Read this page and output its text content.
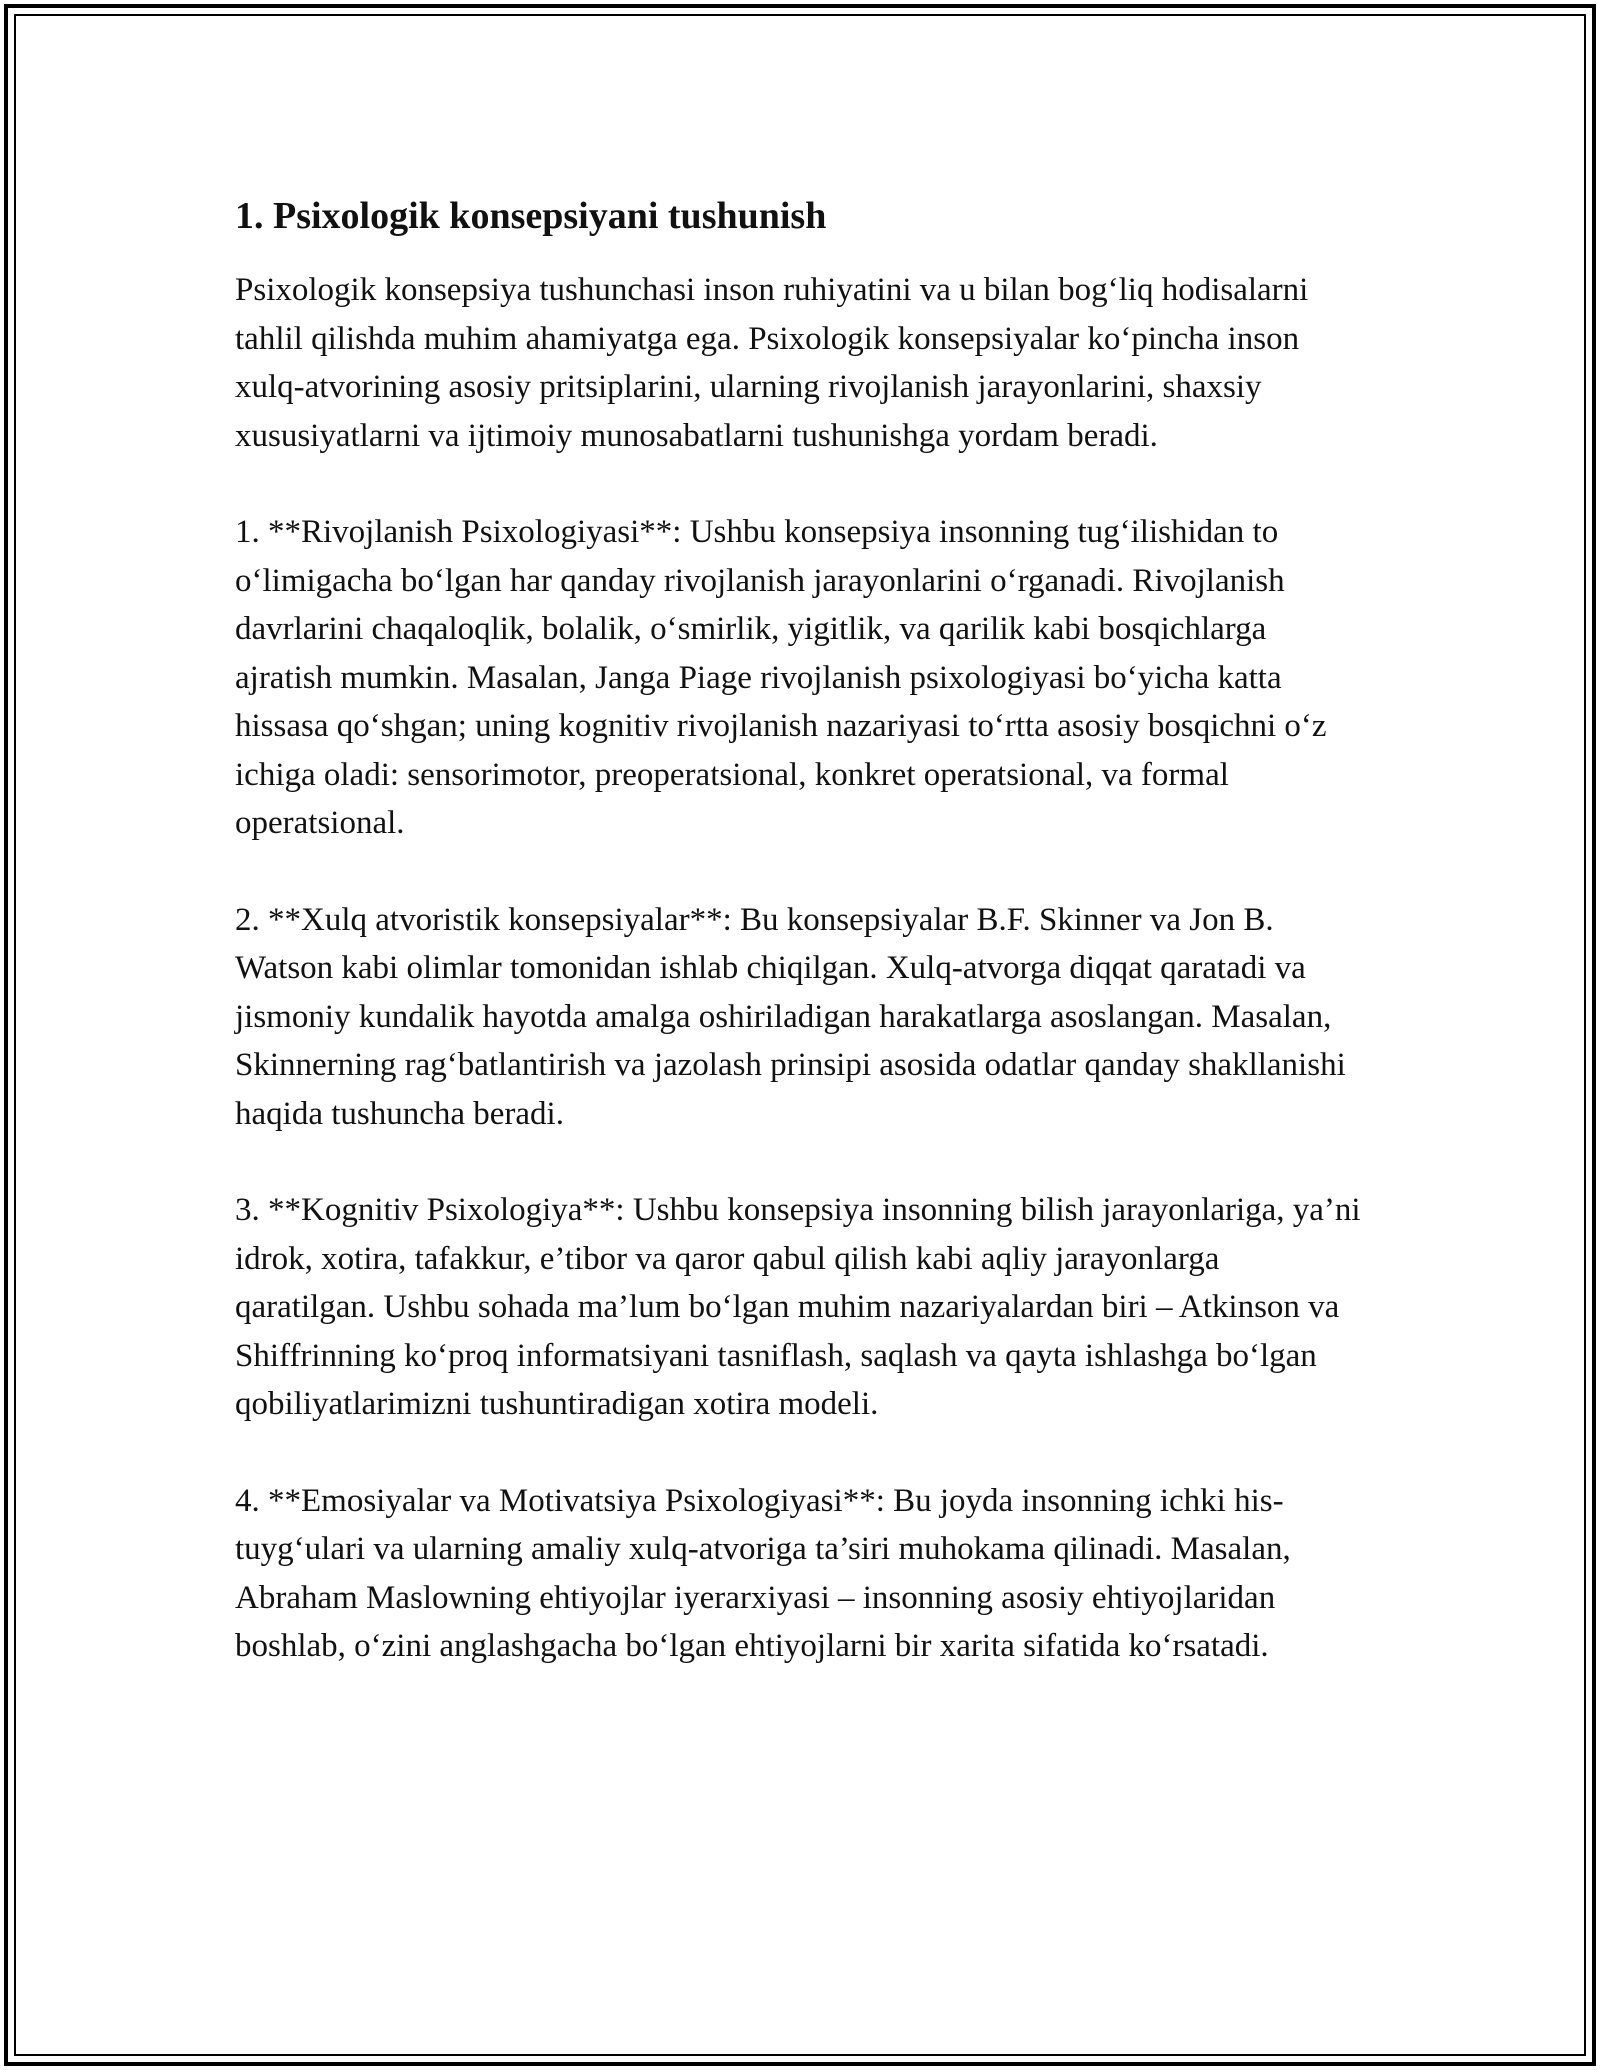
1. Psixologik konsepsiyani tushunish

Psixologik konsepsiya tushunchasi inson ruhiyatini va u bilan bog‘liq hodisalarni tahlil qilishda muhim ahamiyatga ega. Psixologik konsepsiyalar ko‘pincha inson xulq-atvorining asosiy pritsiplarini, ularning rivojlanish jarayonlarini, shaxsiy xususiyatlarni va ijtimoiy munosabatlarni tushunishga yordam beradi.

1. **Rivojlanish Psixologiyasi**: Ushbu konsepsiya insonning tug‘ilishidan to o‘limigacha bo‘lgan har qanday rivojlanish jarayonlarini o‘rganadi. Rivojlanish davrlarini chaqaloqlik, bolalik, o‘smirlik, yigitlik, va qarilik kabi bosqichlarga ajratish mumkin. Masalan, Janga Piage rivojlanish psixologiyasi bo‘yicha katta hissasa qo‘shgan; uning kognitiv rivojlanish nazariyasi to‘rtta asosiy bosqichni o‘z ichiga oladi: sensorimotor, preoperatsional, konkret operatsional, va formal operatsional.

2. **Xulq atvoristik konsepsiyalar**: Bu konsepsiyalar B.F. Skinner va Jon B. Watson kabi olimlar tomonidan ishlab chiqilgan. Xulq-atvorga diqqat qaratadi va jismoniy kundalik hayotda amalga oshiriladigan harakatlarga asoslangan. Masalan, Skinnerning rag‘batlantirish va jazolash prinsipi asosida odatlar qanday shakllanishi haqida tushuncha beradi.

3. **Kognitiv Psixologiya**: Ushbu konsepsiya insonning bilish jarayonlariga, ya’ni idrok, xotira, tafakkur, e’tibor va qaror qabul qilish kabi aqliy jarayonlarga qaratilgan. Ushbu sohada ma’lum bo‘lgan muhim nazariyalardan biri – Atkinson va Shiffrinning ko‘proq informatsiyani tasniflash, saqlash va qayta ishlashga bo‘lgan qobiliyatlarimizni tushuntiradigan xotira modeli.

4. **Emosiyalar va Motivatsiya Psixologiyasi**: Bu joyda insonning ichki his-tuyg‘ulari va ularning amaliy xulq-atvoriga ta’siri muhokama qilinadi. Masalan, Abraham Maslowning ehtiyojlar iyerarxiyasi – insonning asosiy ehtiyojlaridan boshlab, o‘zini anglashgacha bo‘lgan ehtiyojlarni bir xarita sifatida ko‘rsatadi.
